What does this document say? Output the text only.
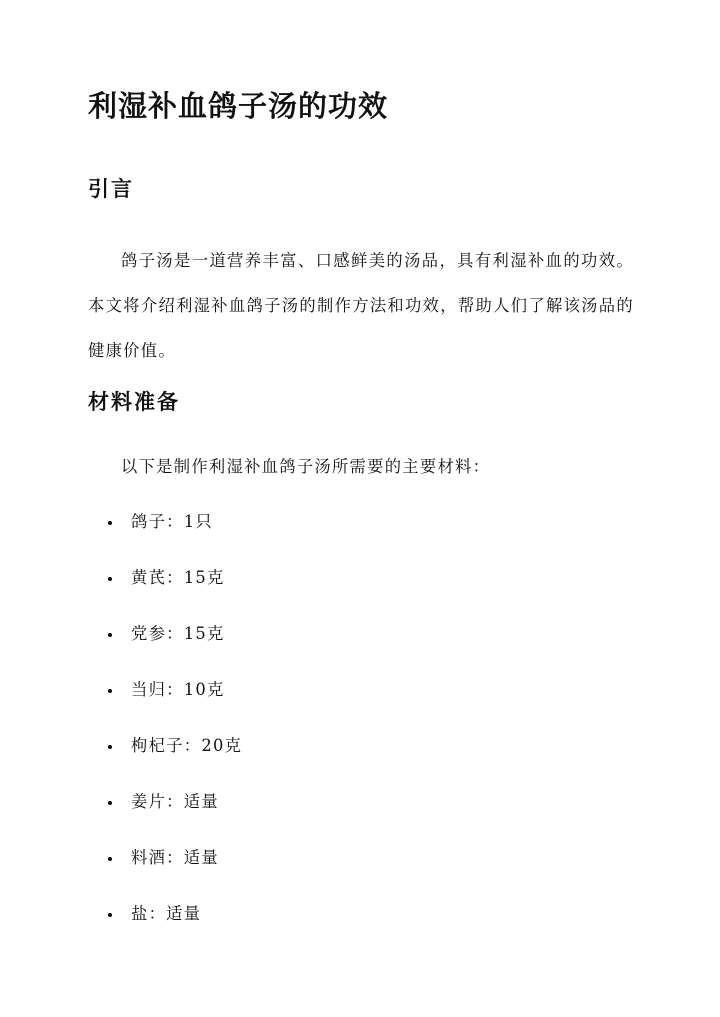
利湿补血鸽子汤的功效
引言

鸽子汤是一道营养丰富、口感鲜美的汤品，具有利湿补血的功效。本文将介绍利湿补血鸽子汤的制作方法和功效，帮助人们了解该汤品的健康价值。

材料准备

以下是制作利湿补血鸽子汤所需要的主要材料：

鸽子：1只
黄芪：15克
党参：15克
当归：10克
枸杞子：20克
姜片：适量
料酒：适量
盐：适量
